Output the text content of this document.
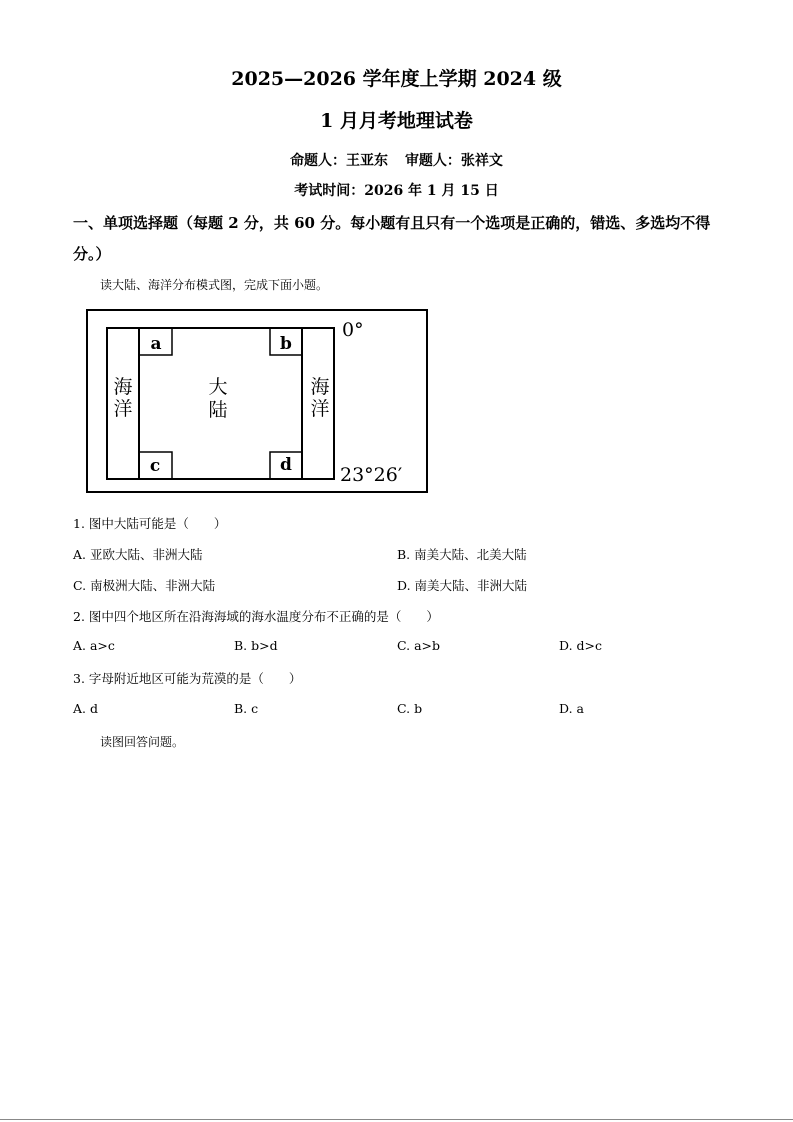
2025—2026 学年度上学期 2024 级
1 月月考地理试卷
命题人：王亚东 审题人：张祥文
考试时间：2026 年 1 月 15 日
一、单项选择题（每题 2 分，共 60 分。每小题有且只有一个选项是正确的，错选、多选均不得分。）
读大陆、海洋分布模式图，完成下面小题。
a	b
c	d
海
洋
海
洋
大
陆
0°
23°26′
1. 图中大陆可能是（　　）
A. 亚欧大陆、非洲大陆	B. 南美大陆、北美大陆
C. 南极洲大陆、非洲大陆	D. 南美大陆、非洲大陆
2. 图中四个地区所在沿海海域的海水温度分布不正确的是（　　）
A. a>c	B. b>d	C. a>b	D. d>c
3. 字母附近地区可能为荒漠的是（　　）
A. d	B. c	C. b	D. a
读图回答问题。
